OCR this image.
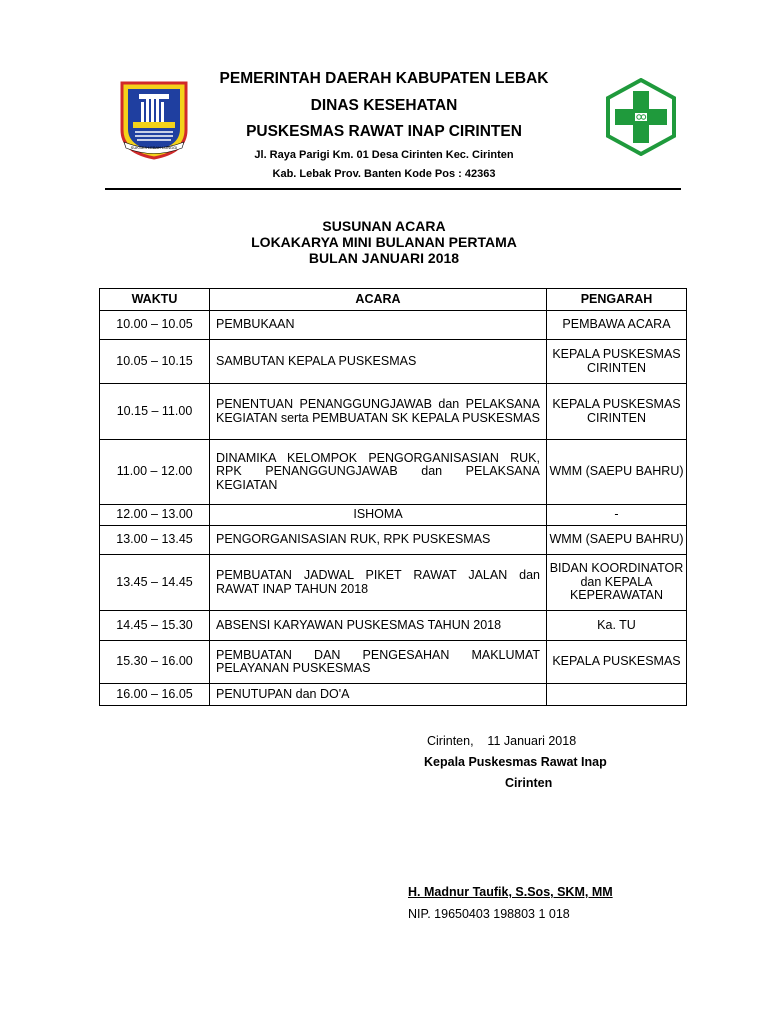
SUKSES LEBAK LUNGGI
PEMERINTAH DAERAH KABUPATEN LEBAK
DINAS KESEHATAN
PUSKESMAS RAWAT INAP CIRINTEN
Jl. Raya Parigi Km. 01 Desa Cirinten Kec. Cirinten
Kab. Lebak Prov. Banten Kode Pos : 42363
SUSUNAN ACARA
LOKAKARYA MINI BULANAN PERTAMA
BULAN JANUARI 2018
WAKTU	ACARA	PENGARAH
10.00 – 10.05	PEMBUKAAN	PEMBAWA ACARA
10.05 – 10.15	SAMBUTAN KEPALA PUSKESMAS	KEPALA PUSKESMAS CIRINTEN
10.15 – 11.00	PENENTUAN PENANGGUNGJAWAB dan PELAKSANA KEGIATAN serta PEMBUATAN SK KEPALA PUSKESMAS	KEPALA PUSKESMAS CIRINTEN
11.00 – 12.00	DINAMIKA KELOMPOK PENGORGANISASIAN RUK, RPK PENANGGUNGJAWAB dan PELAKSANA KEGIATAN	WMM (SAEPU BAHRU)
12.00 – 13.00	ISHOMA	-
13.00 – 13.45	PENGORGANISASIAN RUK, RPK PUSKESMAS	WMM (SAEPU BAHRU)
13.45 – 14.45	PEMBUATAN JADWAL PIKET RAWAT JALAN dan RAWAT INAP TAHUN 2018	BIDAN KOORDINATOR dan KEPALA KEPERAWATAN
14.45 – 15.30	ABSENSI KARYAWAN PUSKESMAS TAHUN 2018	Ka. TU
15.30 – 16.00	PEMBUATAN DAN PENGESAHAN MAKLUMAT PELAYANAN PUSKESMAS	KEPALA PUSKESMAS
16.00 – 16.05	PENUTUPAN dan DO'A	
Cirinten,    11 Januari 2018
Kepala Puskesmas Rawat Inap
Cirinten
H. Madnur Taufik, S.Sos, SKM, MM
NIP. 19650403 198803 1 018
